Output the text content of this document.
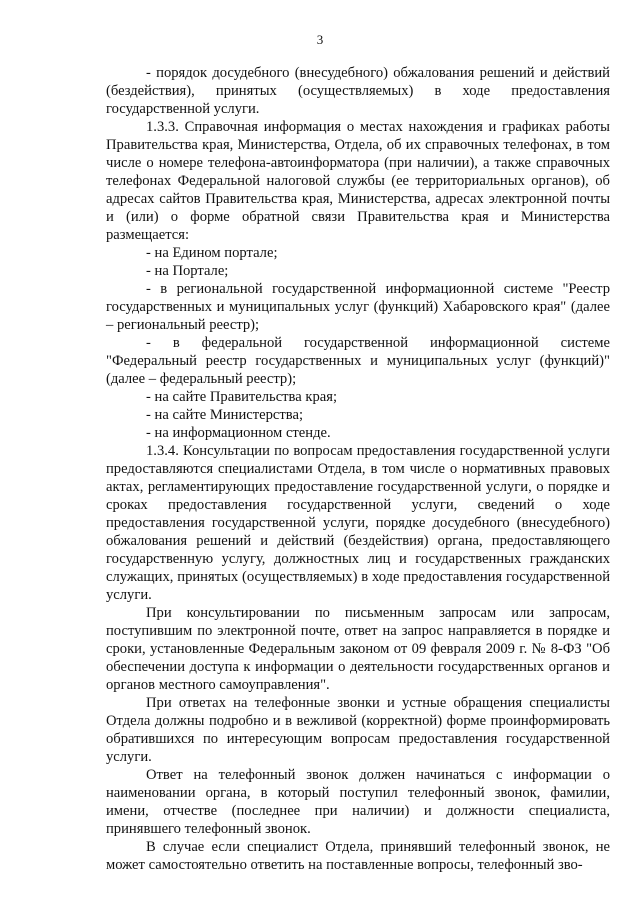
3

- порядок досудебного (внесудебного) обжалования решений и действий (бездействия), принятых (осуществляемых) в ходе предоставления государственной услуги.

1.3.3. Справочная информация о местах нахождения и графиках работы Правительства края, Министерства, Отдела, об их справочных телефонах, в том числе о номере телефона-автоинформатора (при наличии), а также справочных телефонах Федеральной налоговой службы (ее территориальных органов), об адресах сайтов Правительства края, Министерства, адресах электронной почты и (или) о форме обратной связи Правительства края и Министерства размещается:

- на Едином портале;

- на Портале;

- в региональной государственной информационной системе "Реестр государственных и муниципальных услуг (функций) Хабаровского края" (далее – региональный реестр);

- в федеральной государственной информационной системе "Федеральный реестр государственных и муниципальных услуг (функций)" (далее – федеральный реестр);

- на сайте Правительства края;

- на сайте Министерства;

- на информационном стенде.

1.3.4. Консультации по вопросам предоставления государственной услуги предоставляются специалистами Отдела, в том числе о нормативных правовых актах, регламентирующих предоставление государственной услуги, о порядке и сроках предоставления государственной услуги, сведений о ходе предоставления государственной услуги, порядке досудебного (внесудебного) обжалования решений и действий (бездействия) органа, предоставляющего государственную услугу, должностных лиц и государственных гражданских служащих, принятых (осуществляемых) в ходе предоставления государственной услуги.

При консультировании по письменным запросам или запросам, поступившим по электронной почте, ответ на запрос направляется в порядке и сроки, установленные Федеральным законом от 09 февраля 2009 г. № 8-ФЗ "Об обеспечении доступа к информации о деятельности государственных органов и органов местного самоуправления".

При ответах на телефонные звонки и устные обращения специалисты Отдела должны подробно и в вежливой (корректной) форме проинформировать обратившихся по интересующим вопросам предоставления государственной услуги.

Ответ на телефонный звонок должен начинаться с информации о наименовании органа, в который поступил телефонный звонок, фамилии, имени, отчестве (последнее при наличии) и должности специалиста, принявшего телефонный звонок.

В случае если специалист Отдела, принявший телефонный звонок, не может самостоятельно ответить на поставленные вопросы, телефонный зво-
